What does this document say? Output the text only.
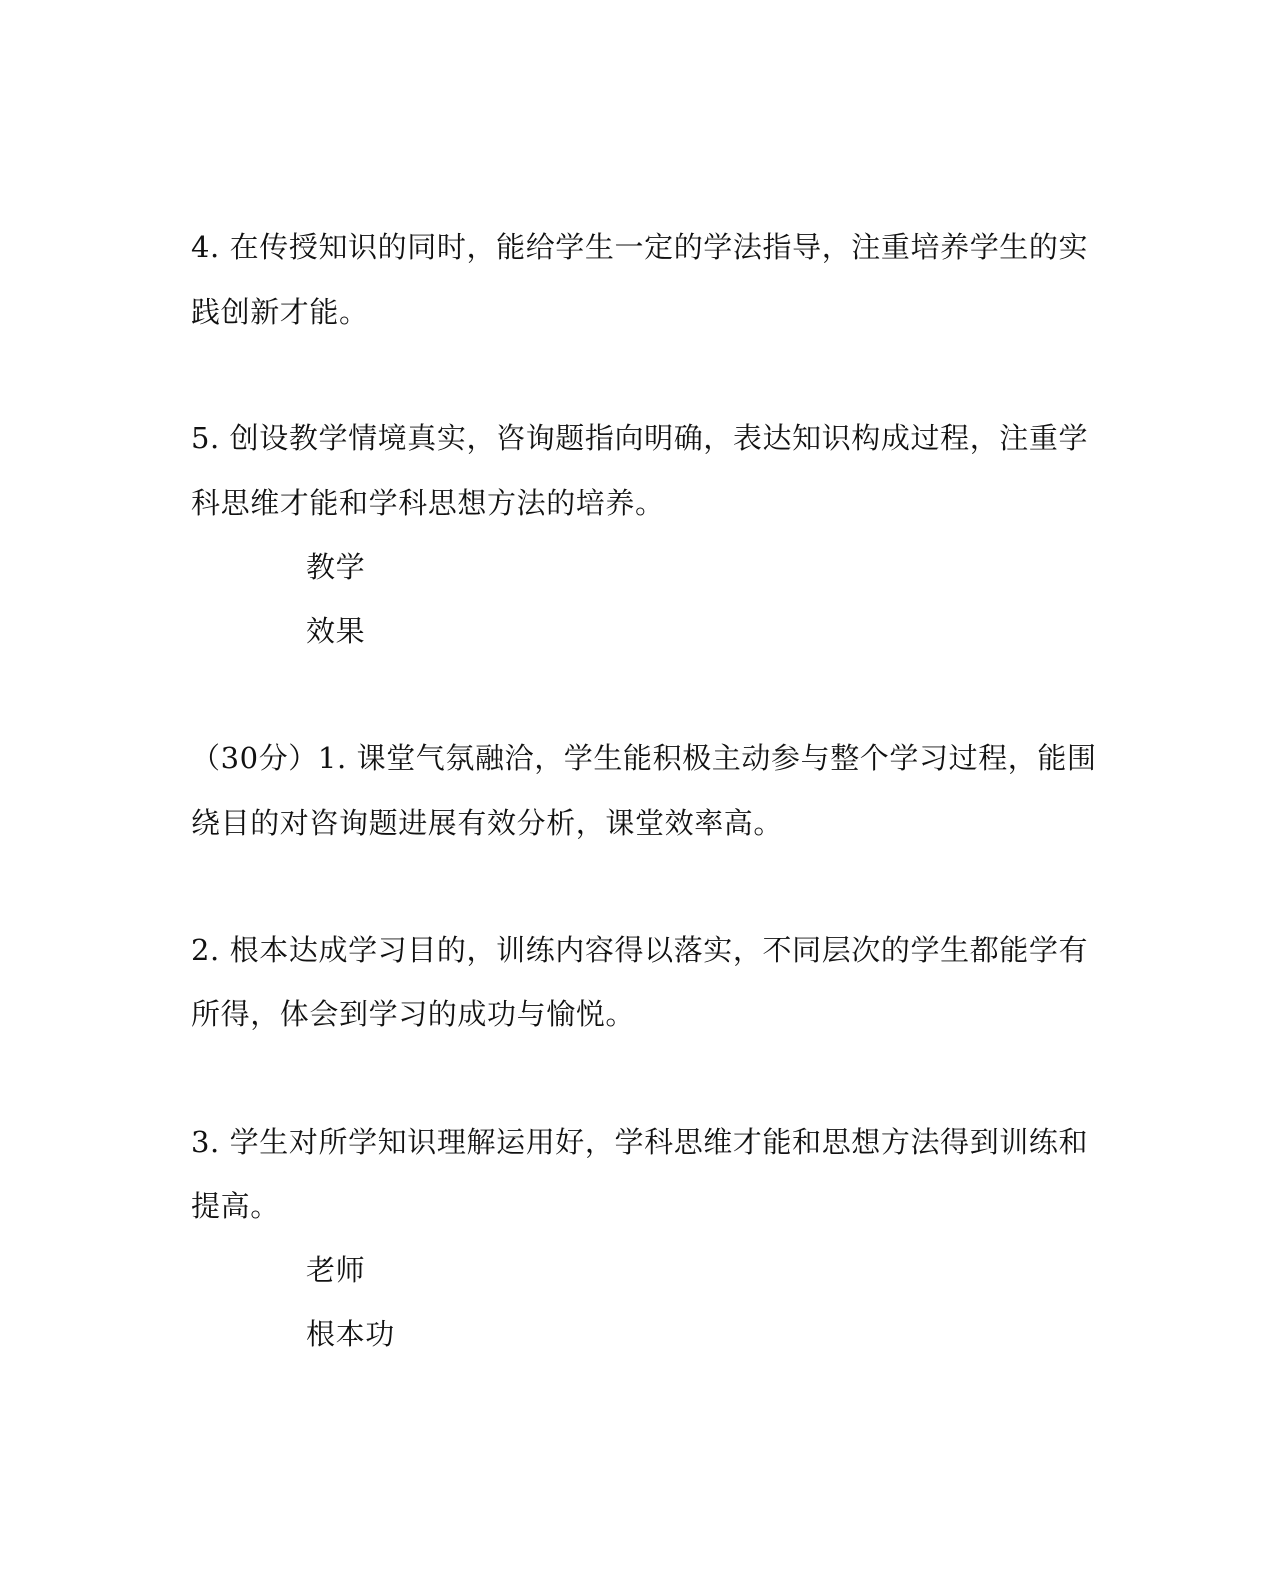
4. 在传授知识的同时，能给学生一定的学法指导，注重培养学生的实
践创新才能。
5. 创设教学情境真实，咨询题指向明确，表达知识构成过程，注重学
科思维才能和学科思想方法的培养。
教学
效果
（30分）1. 课堂气氛融洽，学生能积极主动参与整个学习过程，能围
绕目的对咨询题进展有效分析，课堂效率高。
2. 根本达成学习目的，训练内容得以落实，不同层次的学生都能学有
所得，体会到学习的成功与愉悦。
3. 学生对所学知识理解运用好，学科思维才能和思想方法得到训练和
提高。
老师
根本功
